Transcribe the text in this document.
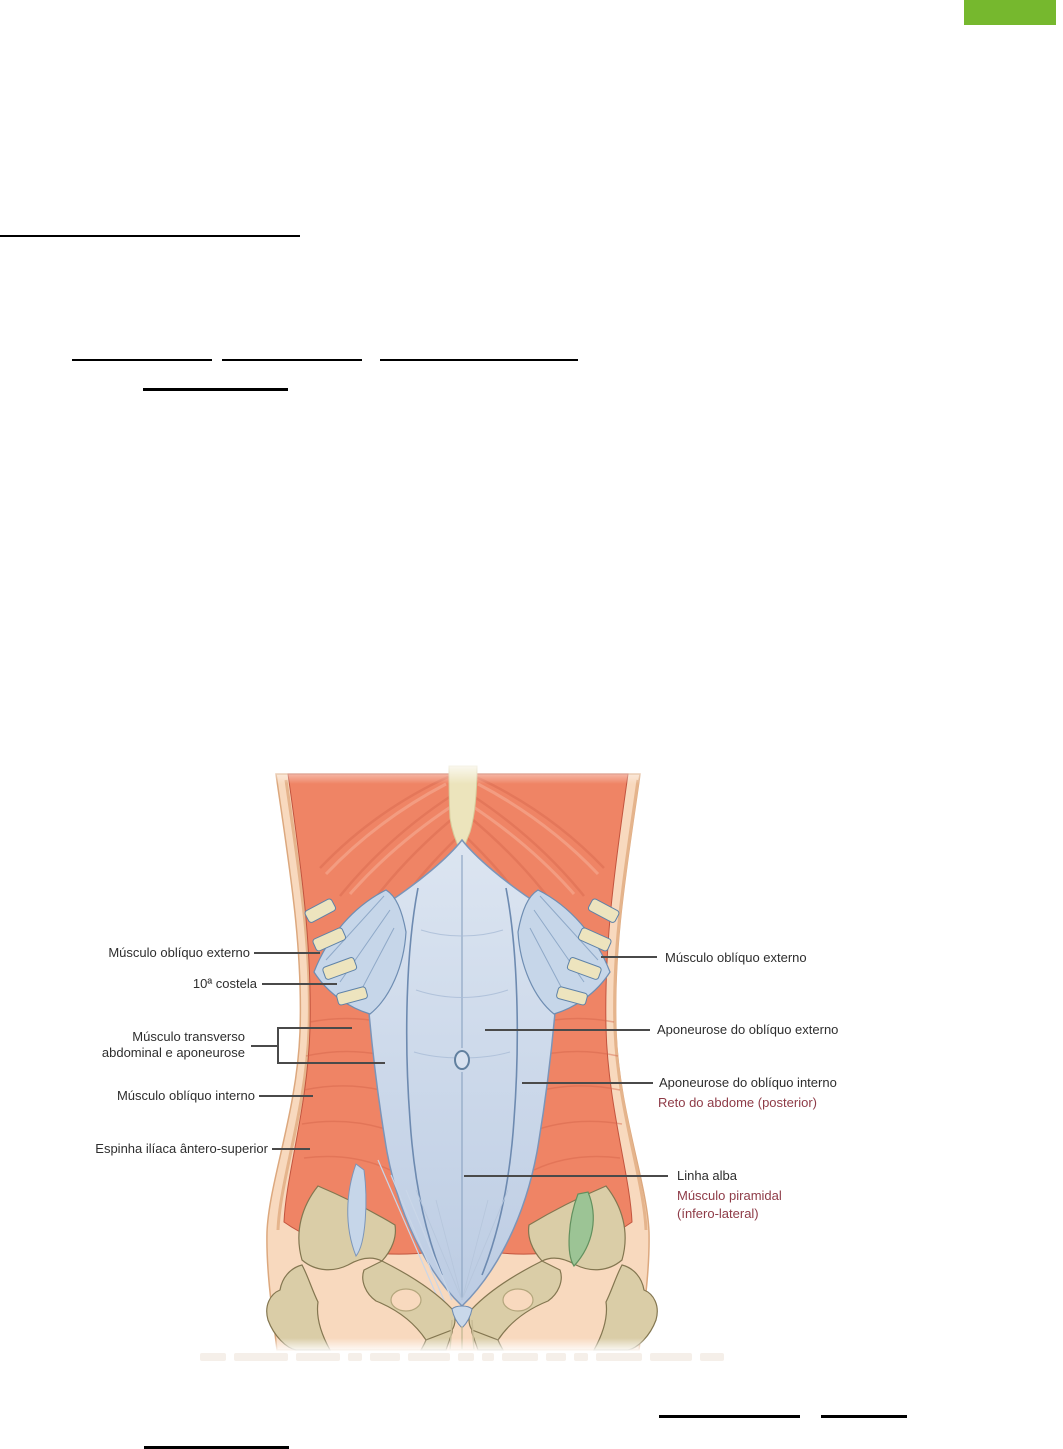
Músculo oblíquo externo
10ª costela
Músculo transverso abdominal e aponeurose
Músculo oblíquo interno
Espinha ilíaca ântero-superior
Músculo oblíquo externo
Aponeurose do oblíquo externo
Aponeurose do oblíquo interno
Reto do abdome (posterior)
Linha alba
Músculo piramidal
(ínfero-lateral)
